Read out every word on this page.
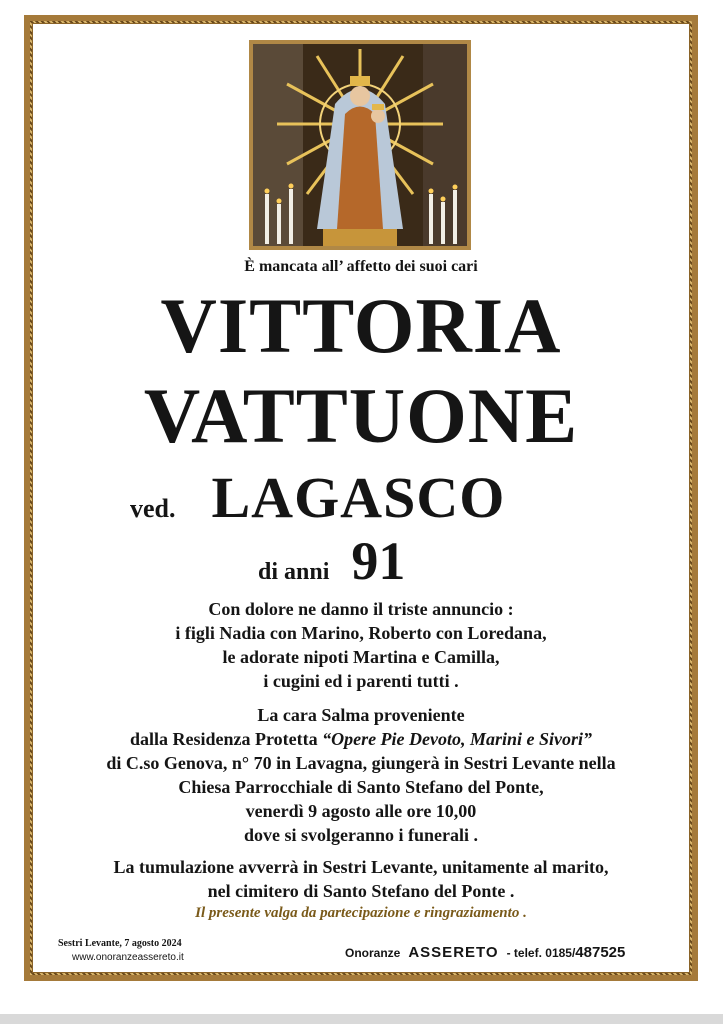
È mancata all’ affetto dei suoi cari
VITTORIA
VATTUONE
ved. LAGASCO
di anni 91
Con dolore ne danno il triste annuncio :
i figli Nadia con Marino, Roberto con Loredana,
le adorate nipoti Martina e Camilla,
i cugini ed i parenti tutti .
La cara Salma proveniente
dalla Residenza Protetta “Opere Pie Devoto, Marini e Sivori”
di C.so Genova, n° 70 in Lavagna, giungerà in Sestri Levante nella
Chiesa Parrocchiale di Santo Stefano del Ponte,
venerdì 9 agosto alle ore 10,00
dove si svolgeranno i funerali .
La tumulazione avverrà in Sestri Levante, unitamente al marito,
nel cimitero di Santo Stefano del Ponte .
Il presente valga da partecipazione e ringraziamento .
Sestri Levante, 7 agosto 2024
www.onoranzeassereto.it	Onoranze ASSERETO - telef. 0185/487525
